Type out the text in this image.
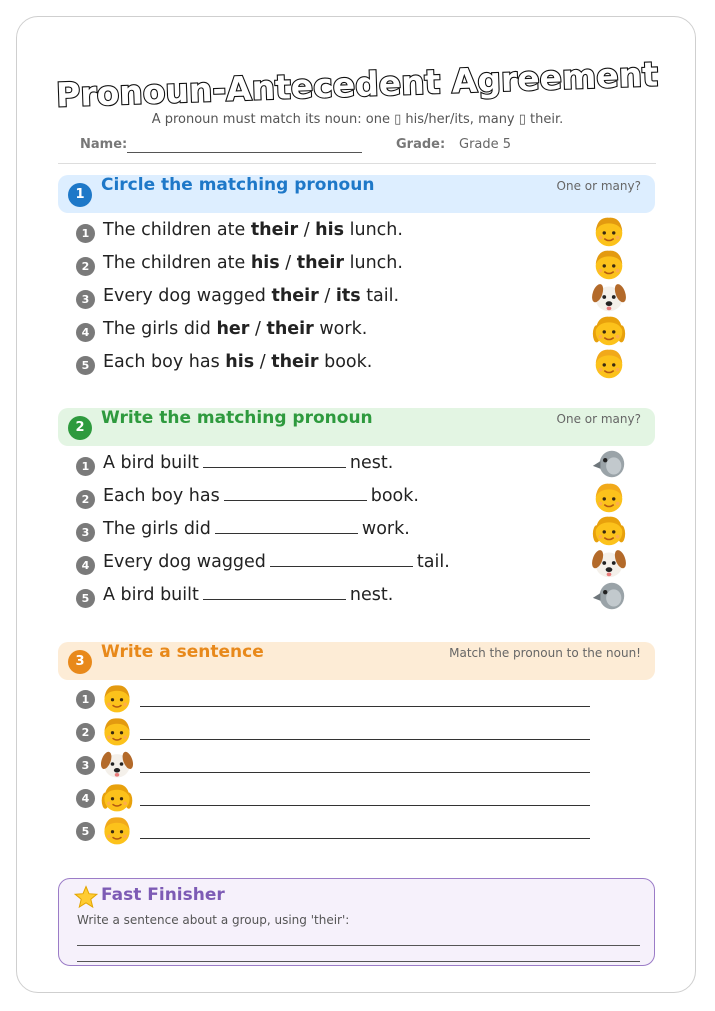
Pronoun-Antecedent Agreement
A pronoun must match its noun: one ▯ his/her/its, many ▯ their.
Name:	Grade: Grade 5
1 Circle the matching pronoun	One or many?
1 The children ate their / his lunch.
2 The children ate his / their lunch.
3 Every dog wagged their / its tail.
4 The girls did her / their work.
5 Each boy has his / their book.
2 Write the matching pronoun	One or many?
1 A bird built	nest.
2 Each boy has	book.
3 The girls did	work.
4 Every dog wagged	tail.
5 A bird built	nest.
3 Write a sentence	Match the pronoun to the noun!
1
2
3
4
5
Fast Finisher
Write a sentence about a group, using 'their':
